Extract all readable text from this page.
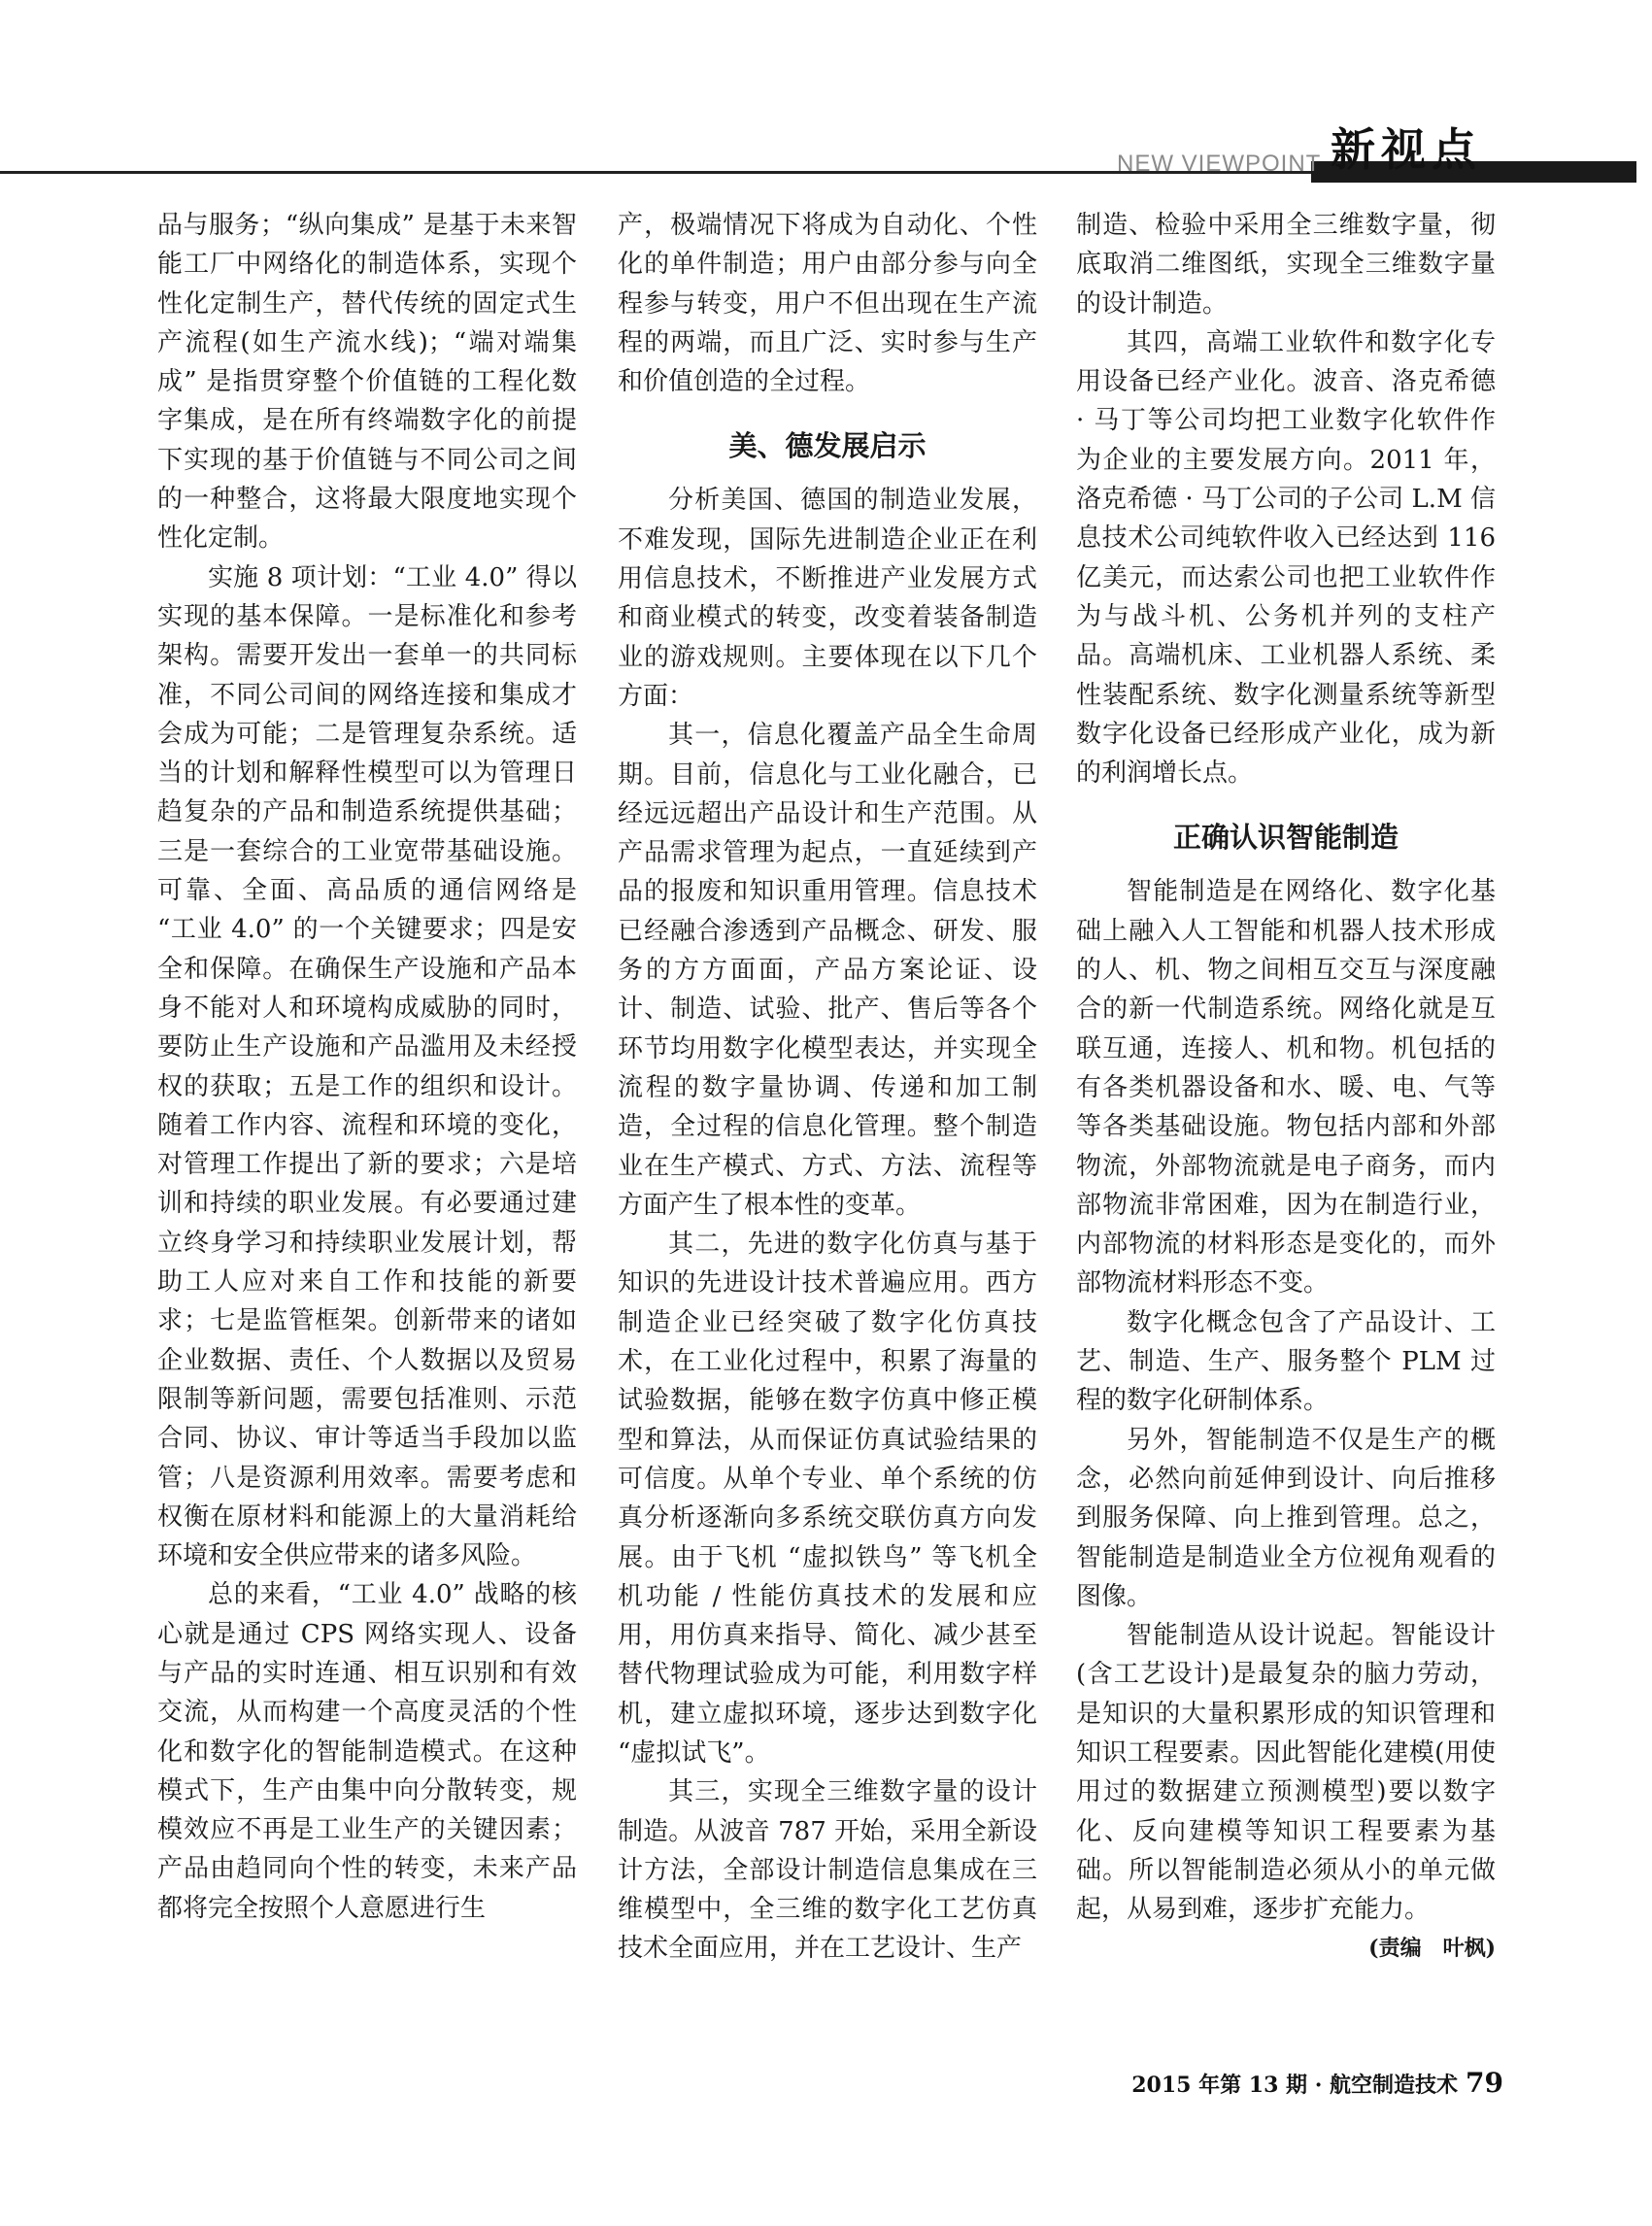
NEW VIEWPOINT 新视点

品与服务；“纵向集成” 是基于未来智能工厂中网络化的制造体系，实现个性化定制生产，替代传统的固定式生产流程(如生产流水线)；“端对端集成” 是指贯穿整个价值链的工程化数字集成，是在所有终端数字化的前提下实现的基于价值链与不同公司之间的一种整合，这将最大限度地实现个性化定制。

实施 8 项计划：“工业 4.0” 得以实现的基本保障。一是标准化和参考架构。需要开发出一套单一的共同标准，不同公司间的网络连接和集成才会成为可能；二是管理复杂系统。适当的计划和解释性模型可以为管理日趋复杂的产品和制造系统提供基础；三是一套综合的工业宽带基础设施。可靠、全面、高品质的通信网络是 “工业 4.0” 的一个关键要求；四是安全和保障。在确保生产设施和产品本身不能对人和环境构成威胁的同时，要防止生产设施和产品滥用及未经授权的获取；五是工作的组织和设计。随着工作内容、流程和环境的变化，对管理工作提出了新的要求；六是培训和持续的职业发展。有必要通过建立终身学习和持续职业发展计划，帮助工人应对来自工作和技能的新要求；七是监管框架。创新带来的诸如企业数据、责任、个人数据以及贸易限制等新问题，需要包括准则、示范合同、协议、审计等适当手段加以监管；八是资源利用效率。需要考虑和权衡在原材料和能源上的大量消耗给环境和安全供应带来的诸多风险。

总的来看，“工业 4.0” 战略的核心就是通过 CPS 网络实现人、设备与产品的实时连通、相互识别和有效交流，从而构建一个高度灵活的个性化和数字化的智能制造模式。在这种模式下，生产由集中向分散转变，规模效应不再是工业生产的关键因素；产品由趋同向个性的转变，未来产品都将完全按照个人意愿进行生

产，极端情况下将成为自动化、个性化的单件制造；用户由部分参与向全程参与转变，用户不但出现在生产流程的两端，而且广泛、实时参与生产和价值创造的全过程。

美、德发展启示

分析美国、德国的制造业发展，不难发现，国际先进制造企业正在利用信息技术，不断推进产业发展方式和商业模式的转变，改变着装备制造业的游戏规则。主要体现在以下几个方面：

其一，信息化覆盖产品全生命周期。目前，信息化与工业化融合，已经远远超出产品设计和生产范围。从产品需求管理为起点，一直延续到产品的报废和知识重用管理。信息技术已经融合渗透到产品概念、研发、服务的方方面面，产品方案论证、设计、制造、试验、批产、售后等各个环节均用数字化模型表达，并实现全流程的数字量协调、传递和加工制造，全过程的信息化管理。整个制造业在生产模式、方式、方法、流程等方面产生了根本性的变革。

其二，先进的数字化仿真与基于知识的先进设计技术普遍应用。西方制造企业已经突破了数字化仿真技术，在工业化过程中，积累了海量的试验数据，能够在数字仿真中修正模型和算法，从而保证仿真试验结果的可信度。从单个专业、单个系统的仿真分析逐渐向多系统交联仿真方向发展。由于飞机 “虚拟铁鸟” 等飞机全机功能 / 性能仿真技术的发展和应用，用仿真来指导、简化、减少甚至替代物理试验成为可能，利用数字样机，建立虚拟环境，逐步达到数字化 “虚拟试飞”。

其三，实现全三维数字量的设计制造。从波音 787 开始，采用全新设计方法，全部设计制造信息集成在三维模型中，全三维的数字化工艺仿真技术全面应用，并在工艺设计、生产

制造、检验中采用全三维数字量，彻底取消二维图纸，实现全三维数字量的设计制造。

其四，高端工业软件和数字化专用设备已经产业化。波音、洛克希德 · 马丁等公司均把工业数字化软件作为企业的主要发展方向。2011 年，洛克希德 · 马丁公司的子公司 L.M 信息技术公司纯软件收入已经达到 116 亿美元，而达索公司也把工业软件作为与战斗机、公务机并列的支柱产品。高端机床、工业机器人系统、柔性装配系统、数字化测量系统等新型数字化设备已经形成产业化，成为新的利润增长点。

正确认识智能制造

智能制造是在网络化、数字化基础上融入人工智能和机器人技术形成的人、机、物之间相互交互与深度融合的新一代制造系统。网络化就是互联互通，连接人、机和物。机包括的有各类机器设备和水、暖、电、气等等各类基础设施。物包括内部和外部物流，外部物流就是电子商务，而内部物流非常困难，因为在制造行业，内部物流的材料形态是变化的，而外部物流材料形态不变。

数字化概念包含了产品设计、工艺、制造、生产、服务整个 PLM 过程的数字化研制体系。

另外，智能制造不仅是生产的概念，必然向前延伸到设计、向后推移到服务保障、向上推到管理。总之，智能制造是制造业全方位视角观看的图像。

智能制造从设计说起。智能设计(含工艺设计)是最复杂的脑力劳动，是知识的大量积累形成的知识管理和知识工程要素。因此智能化建模(用使用过的数据建立预测模型)要以数字化、反向建模等知识工程要素为基础。所以智能制造必须从小的单元做起，从易到难，逐步扩充能力。
(责编　叶枫)

2015 年第 13 期 · 航空制造技术 79
